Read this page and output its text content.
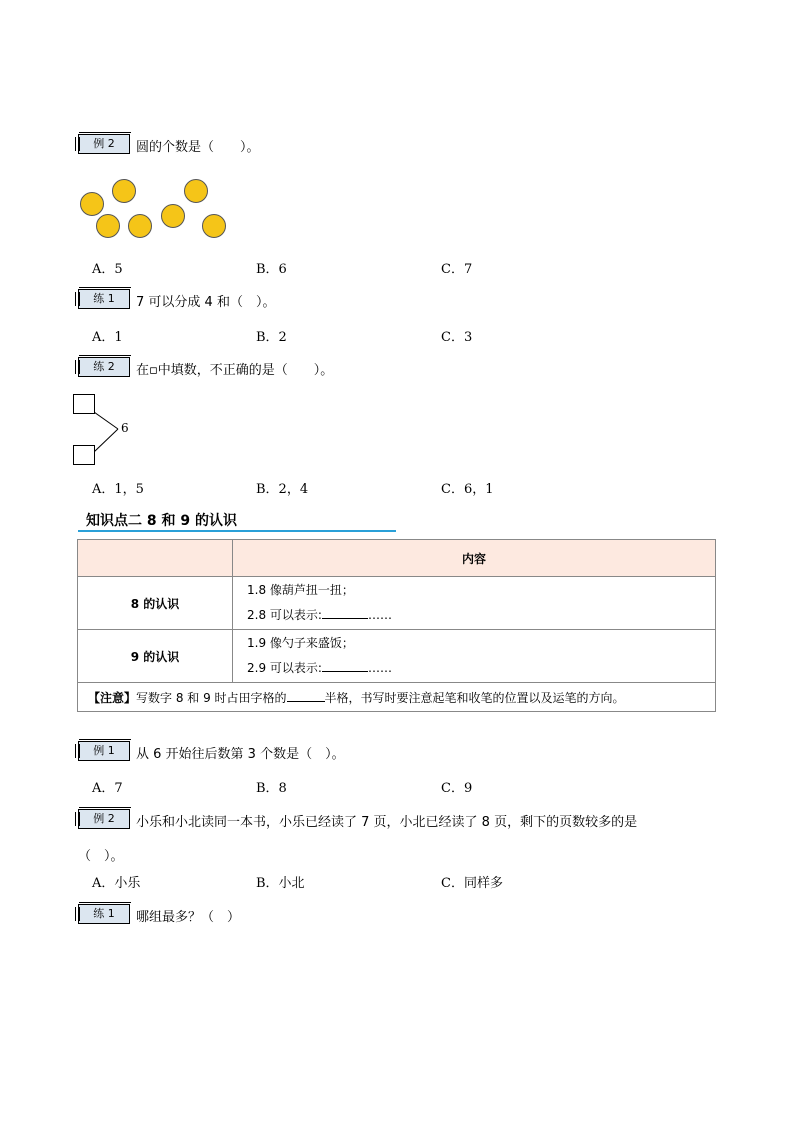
例 2	圆的个数是（　　）。
A．5	B．6	C．7
练 1	7 可以分成 4 和（　）。
A．1	B．2	C．3
练 2	在▫中填数，不正确的是（　　）。
6
A．1，5	B．2，4	C．6，1
知识点二 8 和 9 的认识
	内容
8 的认识	1.8 像葫芦扭一扭；
2.8 可以表示: ……

9 的认识	1.9 像勺子来盛饭；
2.9 可以表示: ……

【注意】写数字 8 和 9 时占田字格的 半格，书写时要注意起笔和收笔的位置以及运笔的方向。	
例 1	从 6 开始往后数第 3 个数是（　）。
A．7	B．8	C．9
例 2	小乐和小北读同一本书，小乐已经读了 7 页，小北已经读了 8 页，剩下的页数较多的是
（　）。
A．小乐	B．小北	C．同样多
练 1	哪组最多？（　）
